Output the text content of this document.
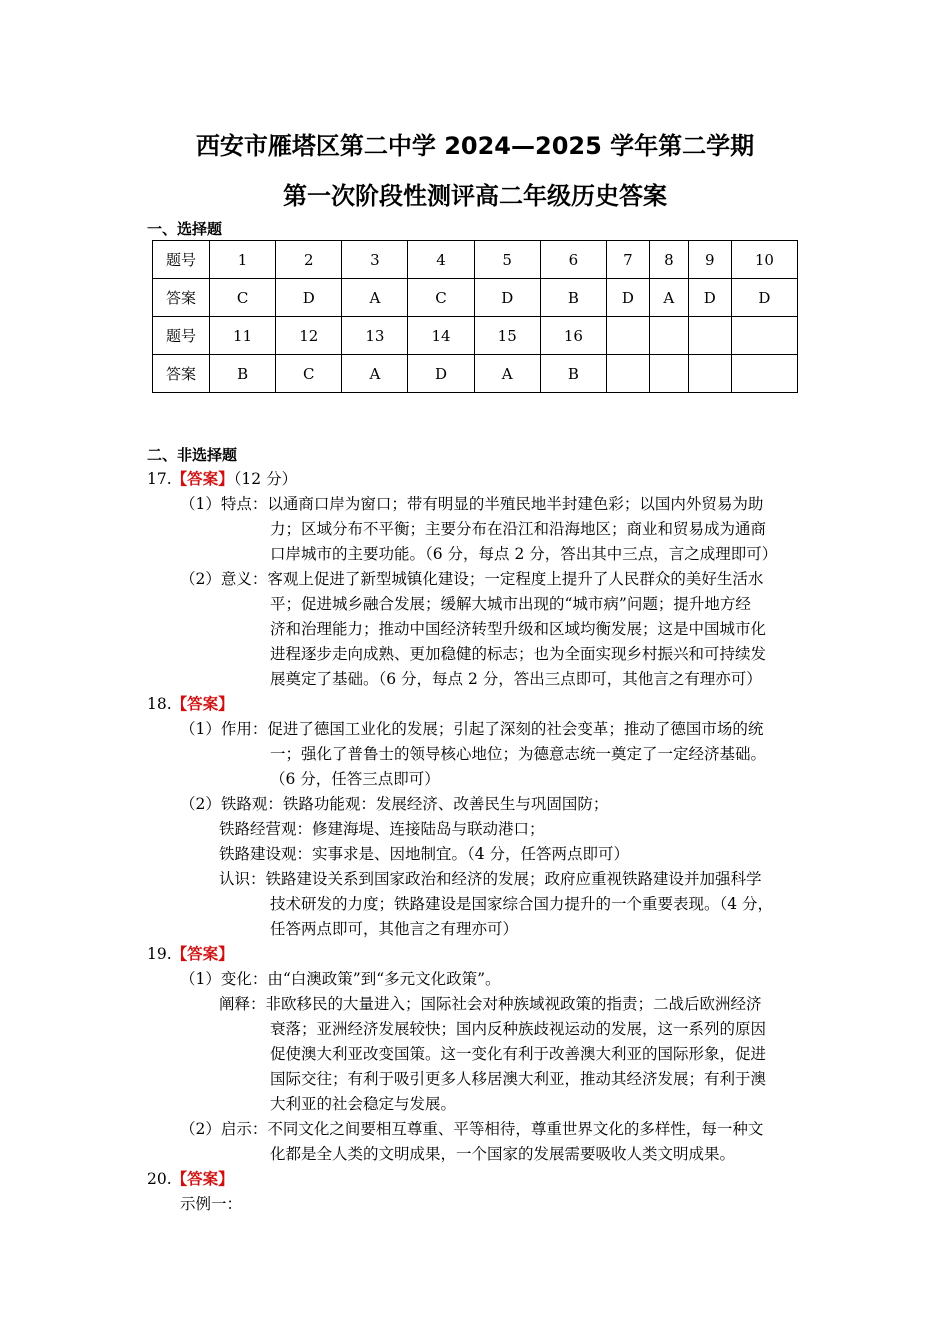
西安市雁塔区第二中学 2024—2025 学年第二学期
第一次阶段性测评高二年级历史答案
一、选择题
题号	1	2	3	4	5	6	7	8	9	10
答案	C	D	A	C	D	B	D	A	D	D
题号	11	12	13	14	15	16				
答案	B	C	A	D	A	B				
二、非选择题
17.【答案】（12 分）
（1）特点：以通商口岸为窗口；带有明显的半殖民地半封建色彩；以国内外贸易为助
力；区域分布不平衡；主要分布在沿江和沿海地区；商业和贸易成为通商
口岸城市的主要功能。（6 分，每点 2 分，答出其中三点，言之成理即可）
（2）意义：客观上促进了新型城镇化建设；一定程度上提升了人民群众的美好生活水
平；促进城乡融合发展；缓解大城市出现的“城市病”问题；提升地方经
济和治理能力；推动中国经济转型升级和区域均衡发展；这是中国城市化
进程逐步走向成熟、更加稳健的标志；也为全面实现乡村振兴和可持续发
展奠定了基础。（6 分，每点 2 分，答出三点即可，其他言之有理亦可）
18.【答案】
（1）作用：促进了德国工业化的发展；引起了深刻的社会变革；推动了德国市场的统
一；强化了普鲁士的领导核心地位；为德意志统一奠定了一定经济基础。
（6 分，任答三点即可）
（2）铁路观：铁路功能观：发展经济、改善民生与巩固国防；
铁路经营观：修建海堤、连接陆岛与联动港口；
铁路建设观：实事求是、因地制宜。（4 分，任答两点即可）
认识：铁路建设关系到国家政治和经济的发展；政府应重视铁路建设并加强科学
技术研发的力度；铁路建设是国家综合国力提升的一个重要表现。（4 分，
任答两点即可，其他言之有理亦可）
19.【答案】
（1）变化：由“白澳政策”到“多元文化政策”。
阐释：非欧移民的大量进入；国际社会对种族域视政策的指责；二战后欧洲经济
衰落；亚洲经济发展较快；国内反种族歧视运动的发展，这一系列的原因
促使澳大利亚改变国策。这一变化有利于改善澳大利亚的国际形象，促进
国际交往；有利于吸引更多人移居澳大利亚，推动其经济发展；有利于澳
大利亚的社会稳定与发展。
（2）启示：不同文化之间要相互尊重、平等相待，尊重世界文化的多样性，每一种文
化都是全人类的文明成果，一个国家的发展需要吸收人类文明成果。
20.【答案】
示例一：
